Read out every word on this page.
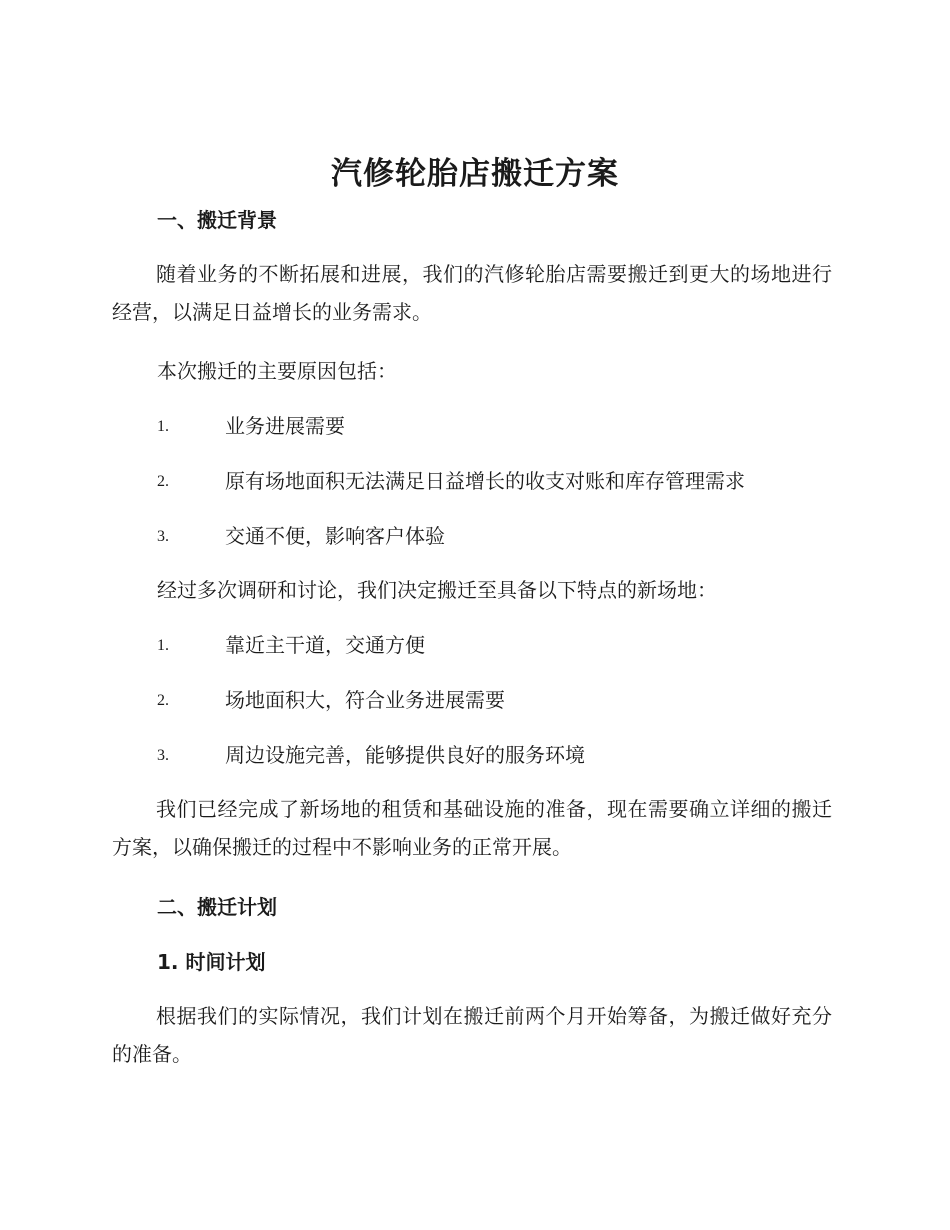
汽修轮胎店搬迁方案
一、搬迁背景

随着业务的不断拓展和进展，我们的汽修轮胎店需要搬迁到更大的场地进行经营，以满足日益增长的业务需求。

本次搬迁的主要原因包括：

1.	业务进展需要
2.	原有场地面积无法满足日益增长的收支对账和库存管理需求
3.	交通不便，影响客户体验

经过多次调研和讨论，我们决定搬迁至具备以下特点的新场地：

1.	靠近主干道，交通方便
2.	场地面积大，符合业务进展需要
3.	周边设施完善，能够提供良好的服务环境

我们已经完成了新场地的租赁和基础设施的准备，现在需要确立详细的搬迁方案，以确保搬迁的过程中不影响业务的正常开展。

二、搬迁计划
1. 时间计划

根据我们的实际情况，我们计划在搬迁前两个月开始筹备，为搬迁做好充分的准备。
